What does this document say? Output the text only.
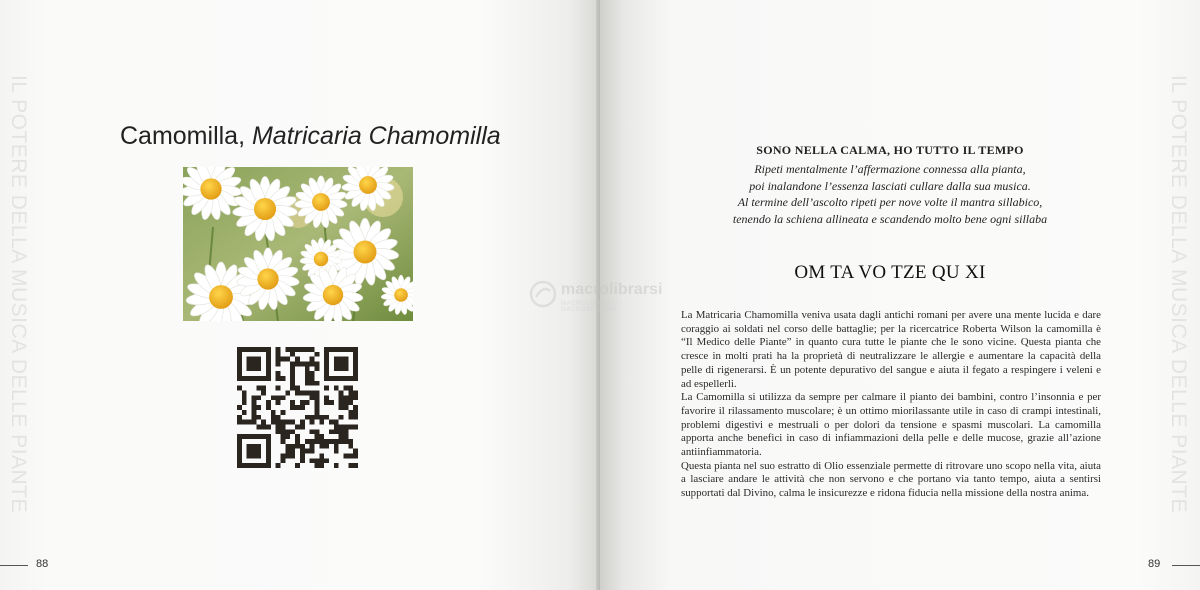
IL POTERE DELLA MUSICA DELLE PIANTE	Camomilla, Matricaria Chamomilla
88
IL POTERE DELLA MUSICA DELLE PIANTE
SONO NELLA CALMA, HO TUTTO IL TEMPO
Ripeti mentalmente l’affermazione connessa alla pianta,
poi inalandone l’essenza lasciati cullare dalla sua musica.
Al termine dell’ascolto ripeti per nove volte il mantra sillabico,
tenendo la schiena allineata e scandendo molto bene ogni sillaba
OM TA VO TZE QU XI

La Matricaria Chamomilla veniva usata dagli antichi romani per avere una mente lucida e dare coraggio ai soldati nel corso delle battaglie; per la ricercatrice Roberta Wilson la camomilla è “Il Medico delle Piante” in quanto cura tutte le piante che le sono vicine. Questa pianta che cresce in molti prati ha la proprietà di neutralizzare le allergie e aumentare la capacità della pelle di rigenerarsi. È un potente depurativo del sangue e aiuta il fegato a respingere i veleni e ad espellerli.

La Camomilla si utilizza da sempre per calmare il pianto dei bambini, contro l’insonnia e per favorire il rilassamento muscolare; è un ottimo miorilassante utile in caso di crampi intestinali, problemi digestivi e mestruali o per dolori da tensione e spasmi muscolari. La camomilla apporta anche benefici in caso di infiammazioni della pelle e delle mucose, grazie all’azione antiinfiammatoria.

Questa pianta nel suo estratto di Olio essenziale permette di ritrovare uno scopo nella vita, aiuta a lasciare andare le attività che non servono e che portano via tanto tempo, aiuta a sentirsi supportati dal Divino, calma le insicurezze e ridona fiducia nella missione della nostra anima.

89
macrolibrarsi
MACROLIBRARSI · MACROEDIZIONI
